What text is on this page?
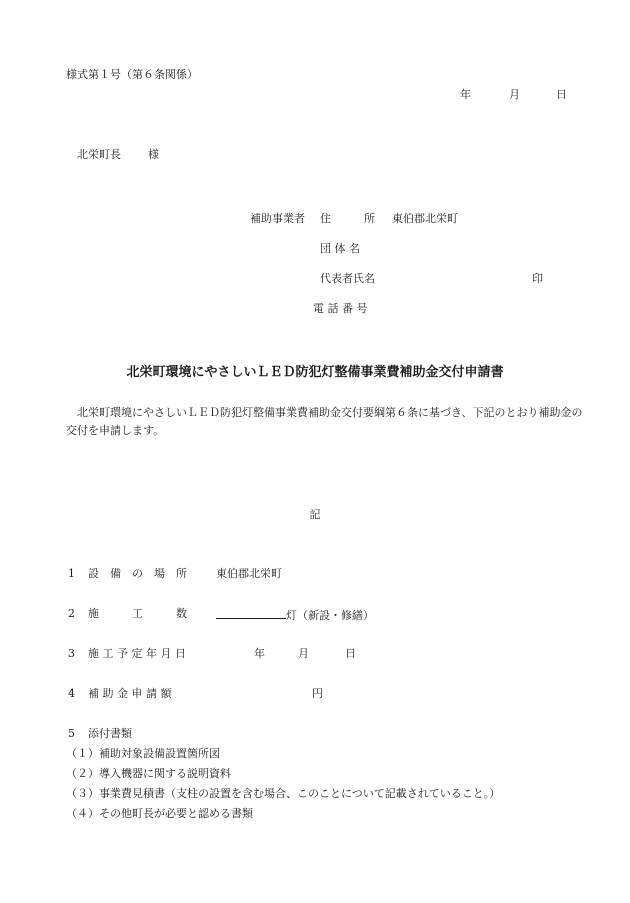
様式第１号（第６条関係）
年	月	日
北栄町長 様
補助事業者 住　　　所 東伯郡北栄町
団 体 名
代表者氏名	印
電 話 番 号
北栄町環境にやさしいＬＥＤ防犯灯整備事業費補助金交付申請書
北栄町環境にやさしいＬＥＤ防犯灯整備事業費補助金交付要綱第６条に基づき、下記のとおり補助金の交付を申請します。
記
1 設　備　の　場　所	東伯郡北栄町
2 施　　　工　　　数	灯（新設・修繕）
3 施 工 予 定 年 月 日	年	月	日
4 補 助 金 申 請 額	円
5 添付書類
（１）補助対象設備設置箇所図
（２）導入機器に関する説明資料
（３）事業費見積書（支柱の設置を含む場合、このことについて記載されていること。）
（４）その他町長が必要と認める書類
